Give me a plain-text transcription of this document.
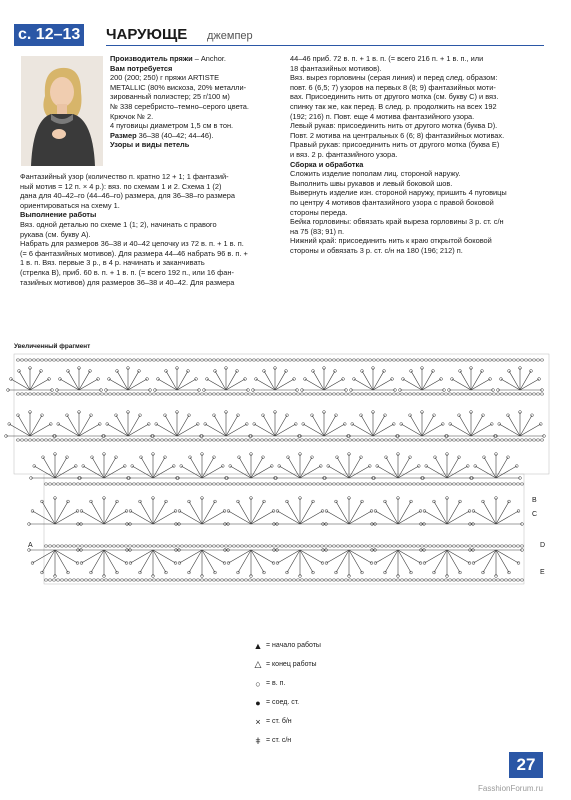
с. 12–13 ЧАРУЮЩЕ джемпер

Производитель пряжи – Anchor.

Вам потребуется

200 (200; 250) г пряжи ARTISTE

METALLIC (80% вискоза, 20% металли-

зированный полиэстер; 25 г/100 м)

№ 338 серебристо–темно–серого цвета.

Крючок № 2.

4 пуговицы диаметром 1,5 см в тон.

Размер 36–38 (40–42; 44–46).

Узоры и виды петель

Фантазийный узор (количество п. кратно 12 + 1; 1 фантазий-

ный мотив = 12 п. × 4 р.): вяз. по схемам 1 и 2. Схема 1 (2)

дана для 40–42–го (44–46–го) размера, для 36–38–го размера

ориентироваться на схему 1.

Выполнение работы

Вяз. одной деталью по схеме 1 (1; 2), начинать с правого

рукава (см. букву А).

Набрать для размеров 36–38 и 40–42 цепочку из 72 в. п. + 1 в. п.

(= 6 фантазийных мотивов). Для размера 44–46 набрать 96 в. п. +

1 в. п. Вяз. первые 3 р., в 4 р. начинать и заканчивать

(стрелка В), приб. 60 в. п. + 1 в. п. (= всего 192 п., или 16 фан-

тазийных мотивов) для размеров 36–38 и 40–42. Для размера

44–46 приб. 72 в. п. + 1 в. п. (= всего 216 п. + 1 в. п., или

18 фантазийных мотивов).

Вяз. вырез горловины (серая линия) и перед след. образом:

повт. 6 (6,5; 7) узоров на первых 8 (8; 9) фантазийных моти-

вах. Присоединить нить от другого мотка (см. букву С) и вяз.

спинку так же, как перед. В след. р. продолжить на всех 192

(192; 216) п. Повт. еще 4 мотива фантазийного узора.

Левый рукав: присоединить нить от другого мотка (буква D).

Повт. 2 мотива на центральных 6 (6; 8) фантазийных мотивах.

Правый рукав: присоединить нить от другого мотка (буква Е)

и вяз. 2 р. фантазийного узора.

Сборка и обработка

Сложить изделие пополам лиц. стороной наружу.

Выполнить швы рукавов и левый боковой шов.

Вывернуть изделие изн. стороной наружу, пришить 4 пуговицы

по центру 4 мотивов фантазийного узора с правой боковой

стороны переда.

Бейка горловины: обвязать край выреза горловины 3 р. ст. с/н

на 75 (83; 91) п.

Нижний край: присоединить нить к краю открытой боковой

стороны и обвязать 3 р. ст. с/н на 180 (196; 212) п.

Увеличенный фрагмент
A
B
C
D
E
▲ = начало работы
△ = конец работы
○ = в. п.
● = соед. ст.
× = ст. б/н
ǂ = ст. с/н
27
FasshionForum.ru
